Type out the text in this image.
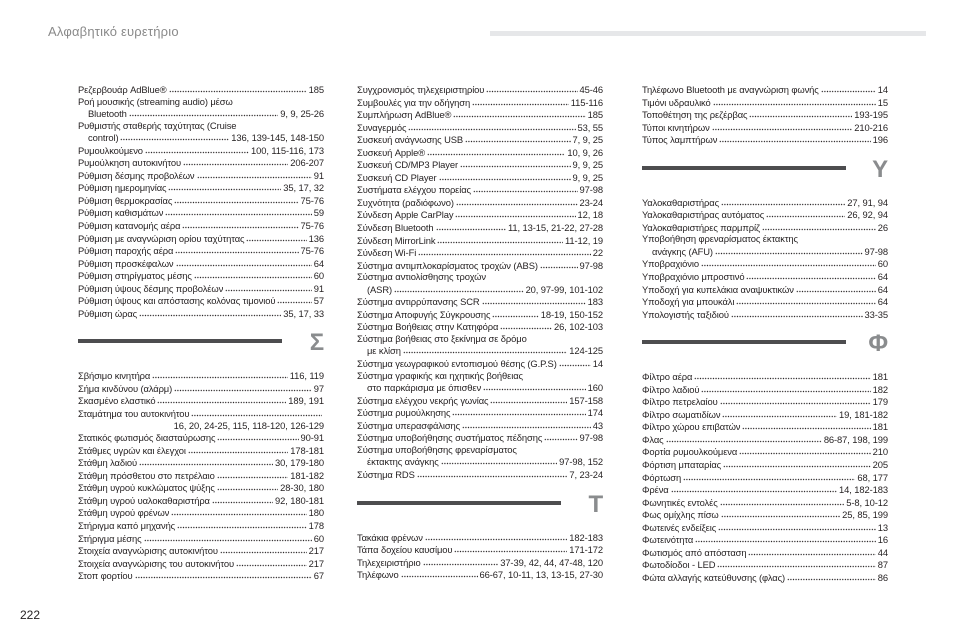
Αλφαβητικό ευρετήριο
Ρεζερβουάρ AdBlue®	185
Ροή μουσικής (streaming audio) μέσω
Bluetooth	9, 9, 25-26
Ρυθμιστής σταθερής ταχύτητας (Cruise
control)	136, 139-145, 148-150
Ρυμουλκούμενο	100, 115-116, 173
Ρυμούλκηση αυτοκινήτου	206-207
Ρύθμιση δέσμης προβολέων	91
Ρύθμιση ημερομηνίας	35, 17, 32
Ρύθμιση θερμοκρασίας	75-76
Ρύθμιση καθισμάτων	59
Ρύθμιση κατανομής αέρα	75-76
Ρύθμιση με αναγνώριση ορίου ταχύτητας	136
Ρύθμιση παροχής αέρα	75-76
Ρύθμιση προσκέφαλων	64
Ρύθμιση στηρίγματος μέσης	60
Ρύθμιση ύψους δέσμης προβολέων	91
Ρύθμιση ύψους και απόστασης κολόνας τιμονιού	57
Ρύθμιση ώρας	35, 17, 33
Σ
Σβήσιμο κινητήρα	116, 119
Σήμα κινδύνου (αλάρμ)	97
Σκασμένο ελαστικό	189, 191
Σταμάτημα του αυτοκινήτου
16, 20, 24-25, 115, 118-120, 126-129
Στατικός φωτισμός διασταύρωσης	90-91
Στάθμες υγρών και έλεγχοι	178-181
Στάθμη λαδιού	30, 179-180
Στάθμη πρόσθετου στο πετρέλαιο	181-182
Στάθμη υγρού κυκλώματος ψύξης	28-30, 180
Στάθμη υγρού υαλοκαθαριστήρα	92, 180-181
Στάθμη υγρού φρένων	180
Στήριγμα καπό μηχανής	178
Στήριγμα μέσης	60
Στοιχεία αναγνώρισης αυτοκινήτου	217
Στοιχεία αναγνώρισης του αυτοκινήτου	217
Στοπ φορτίου	67
Συγχρονισμός τηλεχειριστηρίου	45-46
Συμβουλές για την οδήγηση	115-116
Συμπλήρωση AdBlue®	185
Συναγερμός	53, 55
Συσκευή ανάγνωσης USB	7, 9, 25
Συσκευή Apple®	10, 9, 26
Συσκευή CD/MP3 Player	9, 9, 25
Συσκευή CD Player	9, 9, 25
Συστήματα ελέγχου πορείας	97-98
Συχνότητα (ραδιόφωνο)	23-24
Σύνδεση Apple CarPlay	12, 18
Σύνδεση Bluetooth	11, 13-15, 21-22, 27-28
Σύνδεση MirrorLink	11-12, 19
Σύνδεση Wi-Fi	22
Σύστημα αντιμπλοκαρίσματος τροχών (ABS)	97-98
Σύστημα αντιολίσθησης τροχών
(ASR)	20, 97-99, 101-102
Σύστημα αντιρρύπανσης SCR	183
Σύστημα Αποφυγής Σύγκρουσης	18-19, 150-152
Σύστημα Βοήθειας στην Κατηφόρα	26, 102-103
Σύστημα βοήθειας στο ξεκίνημα σε δρόμο
με κλίση	124-125
Σύστημα γεωγραφικού εντοπισμού θέσης (G.P.S)	14
Σύστημα γραφικής και ηχητικής βοήθειας
στο παρκάρισμα με όπισθεν	160
Σύστημα ελέγχου νεκρής γωνίας	157-158
Σύστημα ρυμούλκησης	174
Σύστημα υπερασφάλισης	43
Σύστημα υποβοήθησης συστήματος πέδησης	97-98
Σύστημα υποβοήθησης φρεναρίσματος
έκτακτης ανάγκης	97-98, 152
Σύστημα RDS	7, 23-24
Τ
Τακάκια φρένων	182-183
Τάπα δοχείου καυσίμου	171-172
Τηλεχειριστήριο	37-39, 42, 44, 47-48, 120
Τηλέφωνο	66-67, 10-11, 13, 13-15, 27-30
Τηλέφωνο Bluetooth με αναγνώριση φωνής	14
Τιμόνι υδραυλικό	15
Τοποθέτηση της ρεζέρβας	193-195
Τύποι κινητήρων	210-216
Τύπος λαμπτήρων	196
Υ
Υαλοκαθαριστήρας	27, 91, 94
Υαλοκαθαριστήρας αυτόματος	26, 92, 94
Υαλοκαθαριστήρες παρμπρίζ	26
Υποβοήθηση φρεναρίσματος έκτακτης
ανάγκης (AFU)	97-98
Υποβραχιόνιο	60
Υποβραχιόνιο μπροστινό	64
Υποδοχή για κυπελάκια αναψυκτικών	64
Υποδοχή για μπουκάλι	64
Υπολογιστής ταξιδιού	33-35
Φ
Φίλτρο αέρα	181
Φίλτρο λαδιού	182
Φίλτρο πετρελαίου	179
Φίλτρο σωματιδίων	19, 181-182
Φίλτρο χώρου επιβατών	181
Φλας	86-87, 198, 199
Φορτία ρυμουλκούμενα	210
Φόρτιση μπαταρίας	205
Φόρτωση	68, 177
Φρένα	14, 182-183
Φωνητικές εντολές	5-8, 10-12
Φως ομίχλης πίσω	25, 85, 199
Φωτεινές ενδείξεις	13
Φωτεινότητα	16
Φωτισμός από απόσταση	44
Φωτοδίοδοι - LED	87
Φώτα αλλαγής κατεύθυνσης (φλας)	86
222
